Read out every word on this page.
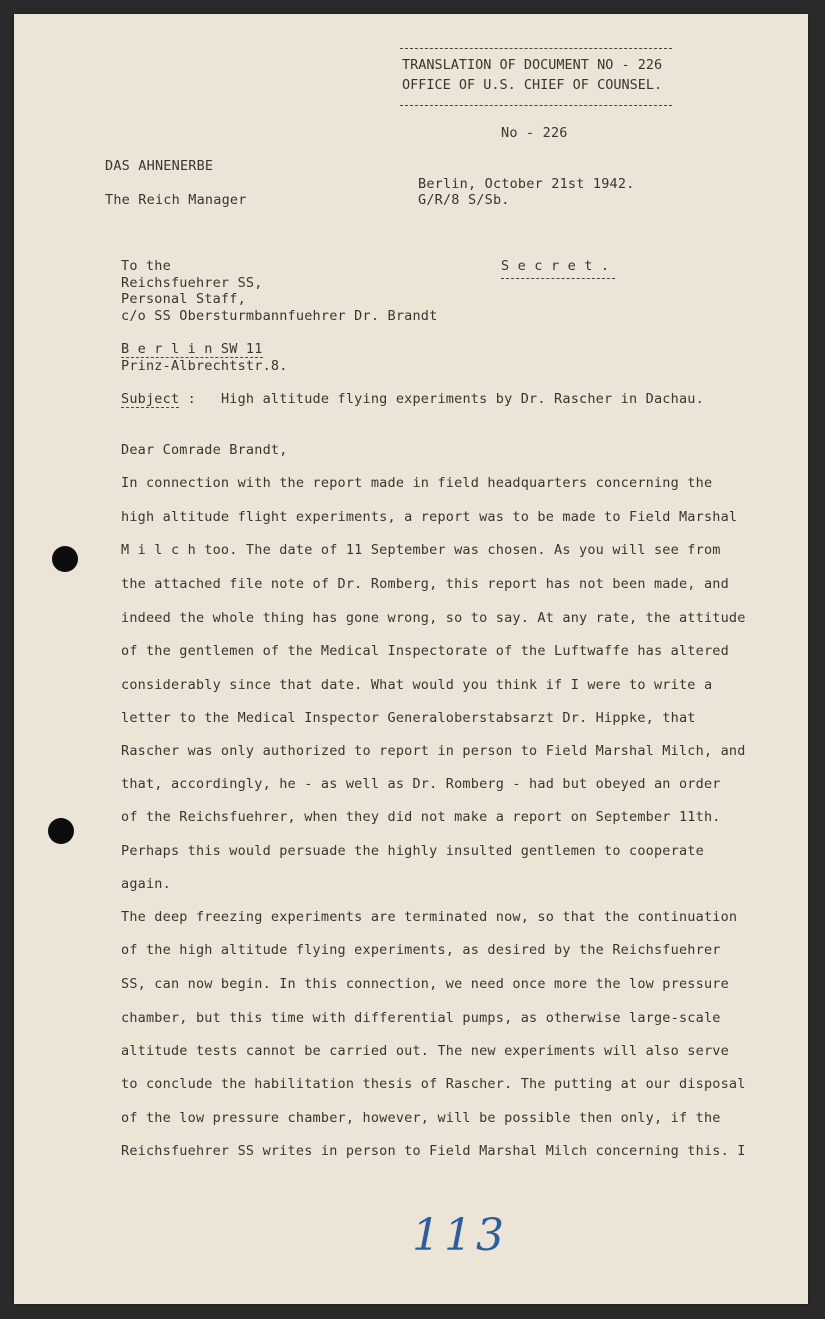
TRANSLATION OF DOCUMENT NO - 226
OFFICE OF U.S. CHIEF OF COUNSEL.
No - 226
DAS AHNENERBE
The Reich Manager
Berlin, October 21st 1942.
G/R/8 S/Sb.
S e c r e t .
To the
Reichsfuehrer SS,
Personal Staff,
c/o SS Obersturmbannfuehrer Dr. Brandt
B e r l i n SW 11
Prinz-Albrechtstr.8.
Subject : High altitude flying experiments by Dr. Rascher in Dachau.
Dear Comrade Brandt,
In connection with the report made in field headquarters concerning the
high altitude flight experiments, a report was to be made to Field Marshal
M i l c h too. The date of 11 September was chosen. As you will see from
the attached file note of Dr. Romberg, this report has not been made, and
indeed the whole thing has gone wrong, so to say. At any rate, the attitude
of the gentlemen of the Medical Inspectorate of the Luftwaffe has altered
considerably since that date. What would you think if I were to write a
letter to the Medical Inspector Generaloberstabsarzt Dr. Hippke, that
Rascher was only authorized to report in person to Field Marshal Milch, and
that, accordingly, he - as well as Dr. Romberg - had but obeyed an order
of the Reichsfuehrer, when they did not make a report on September 11th.
Perhaps this would persuade the highly insulted gentlemen to cooperate
again.
The deep freezing experiments are terminated now, so that the continuation
of the high altitude flying experiments, as desired by the Reichsfuehrer
SS, can now begin. In this connection, we need once more the low pressure
chamber, but this time with differential pumps, as otherwise large-scale
altitude tests cannot be carried out. The new experiments will also serve
to conclude the habilitation thesis of Rascher. The putting at our disposal
of the low pressure chamber, however, will be possible then only, if the
Reichsfuehrer SS writes in person to Field Marshal Milch concerning this. I
113
